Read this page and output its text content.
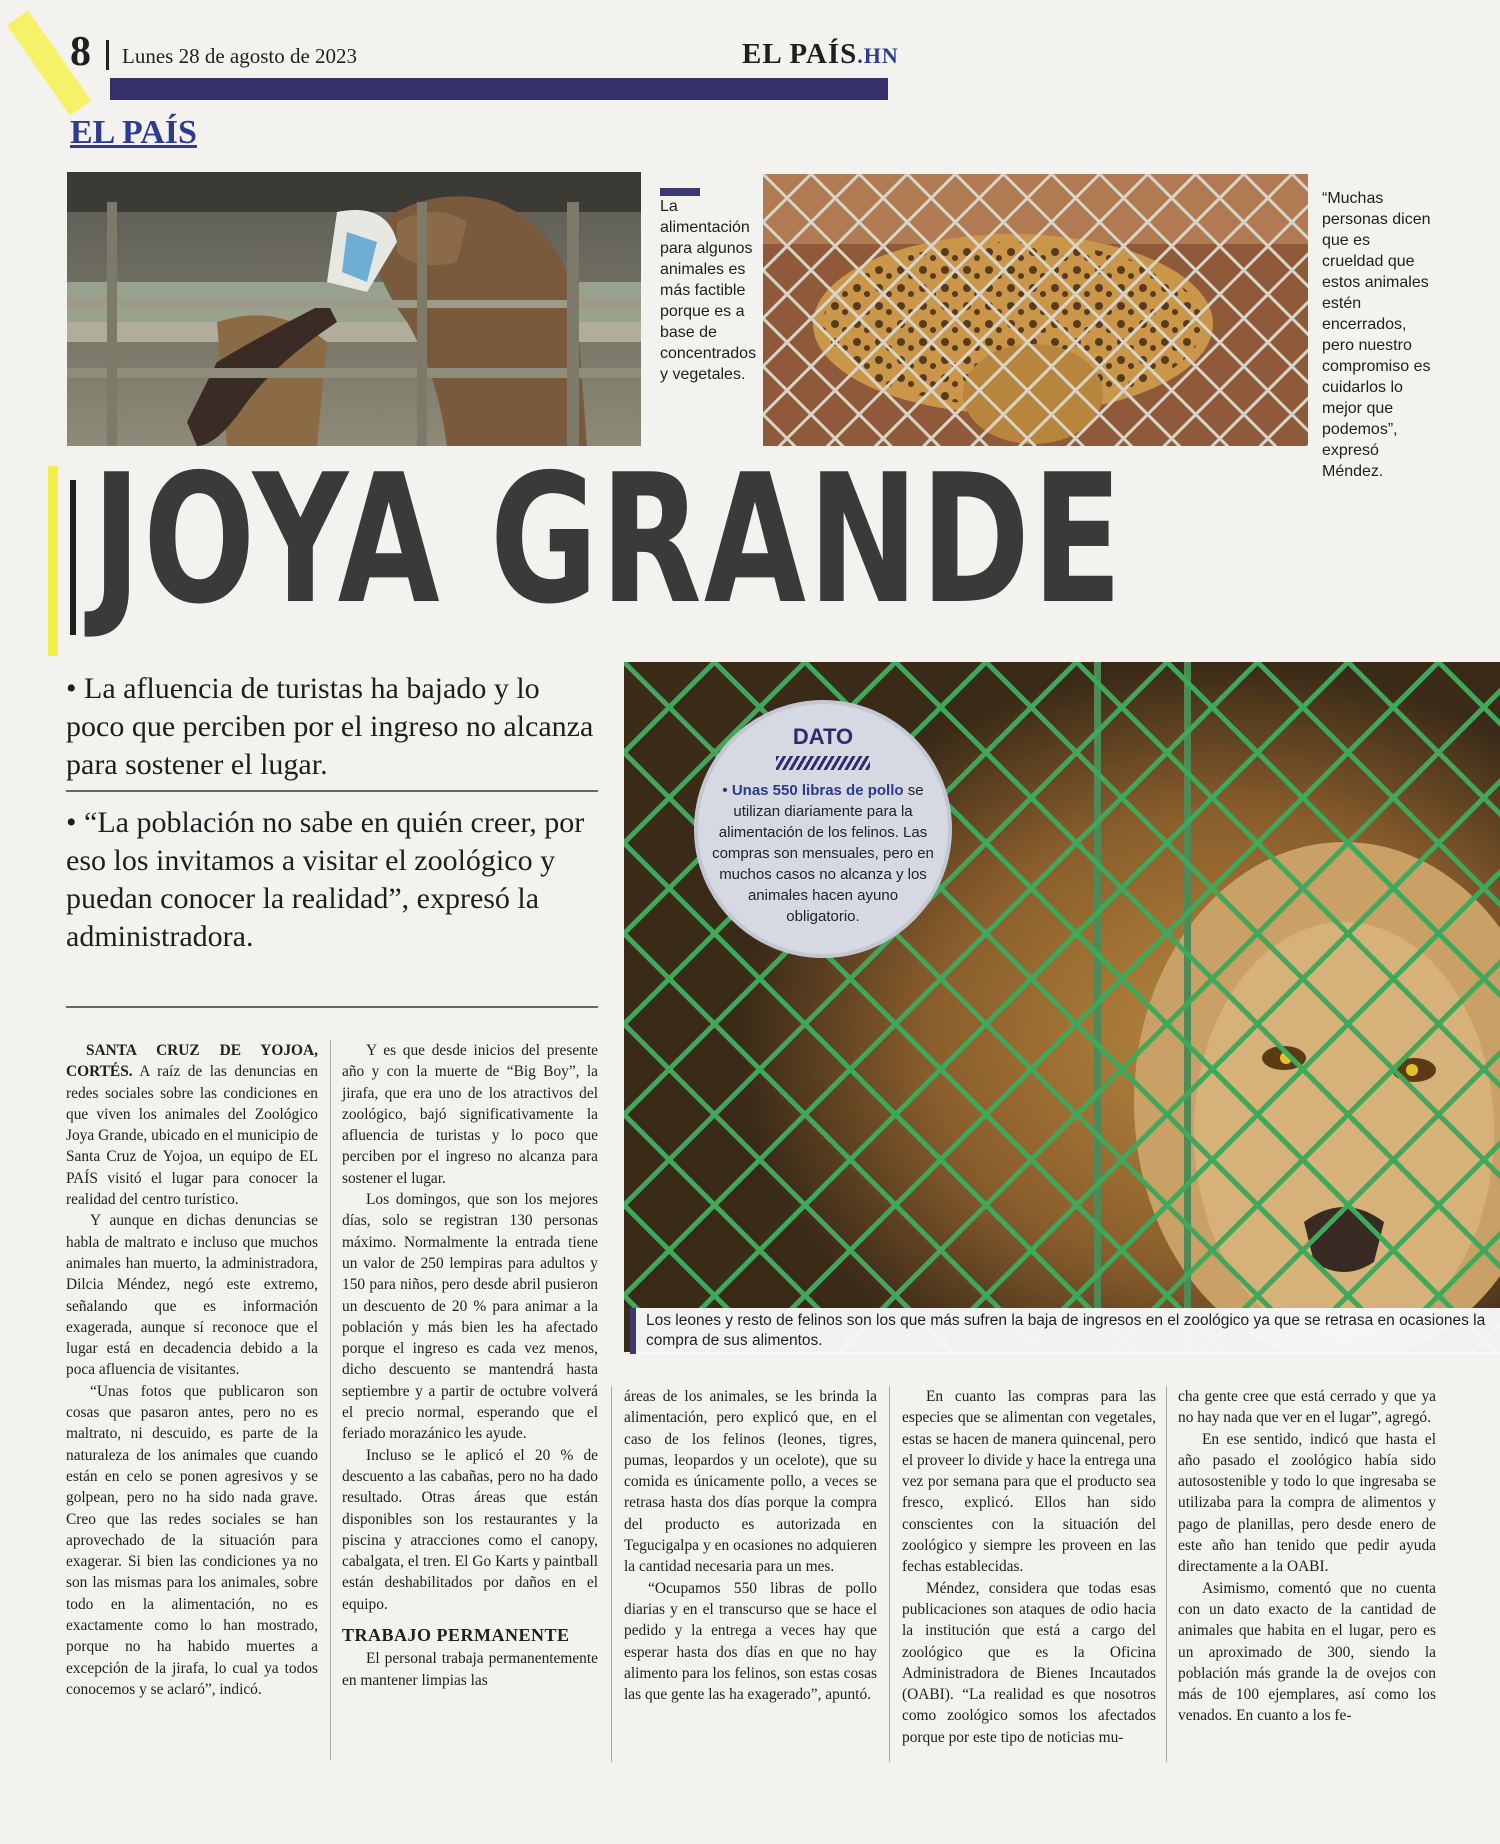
8 Lunes 28 de agosto de 2023	EL PAÍS.HN
EL PAÍS
La alimentación para algunos animales es más factible porque es a base de concentrados y vegetales.
“Muchas personas dicen que es crueldad que estos animales estén encerrados, pero nuestro compromiso es cuidarlos lo mejor que podemos”, expresó Méndez.
JOYA GRANDE
• La afluencia de turistas ha bajado y lo poco que perciben por el ingreso no alcanza para sostener el lugar.
• “La población no sabe en quién creer, por eso los invitamos a visitar el zoológico y puedan conocer la realidad”, expresó la administradora.
DATO
• Unas 550 libras de pollo se utilizan diariamente para la alimentación de los felinos. Las compras son mensuales, pero en muchos casos no alcanza y los animales hacen ayuno obligatorio.
Los leones y resto de felinos son los que más sufren la baja de ingresos en el zoológico ya que se retrasa en ocasiones la compra de sus alimentos.

SANTA CRUZ DE YOJOA, CORTÉS. A raíz de las denuncias en redes sociales sobre las condiciones en que viven los animales del Zoológico Joya Grande, ubicado en el municipio de Santa Cruz de Yojoa, un equipo de EL PAÍS visitó el lugar para conocer la realidad del centro turístico.

Y aunque en dichas denuncias se habla de maltrato e incluso que muchos animales han muerto, la administradora, Dilcia Méndez, negó este extremo, señalando que es información exagerada, aunque sí reconoce que el lugar está en decadencia debido a la poca afluencia de visitantes.

“Unas fotos que publicaron son cosas que pasaron antes, pero no es maltrato, ni descuido, es parte de la naturaleza de los animales que cuando están en celo se ponen agresivos y se golpean, pero no ha sido nada grave. Creo que las redes sociales se han aprovechado de la situación para exagerar. Si bien las condiciones ya no son las mismas para los animales, sobre todo en la alimentación, no es exactamente como lo han mostrado, porque no ha habido muertes a excepción de la jirafa, lo cual ya todos conocemos y se aclaró”, indicó.

Y es que desde inicios del presente año y con la muerte de “Big Boy”, la jirafa, que era uno de los atractivos del zoológico, bajó significativamente la afluencia de turistas y lo poco que perciben por el ingreso no alcanza para sostener el lugar.

Los domingos, que son los mejores días, solo se registran 130 personas máximo. Normalmente la entrada tiene un valor de 250 lempiras para adultos y 150 para niños, pero desde abril pusieron un descuento de 20 % para animar a la población y más bien les ha afectado porque el ingreso es cada vez menos, dicho descuento se mantendrá hasta septiembre y a partir de octubre volverá el precio normal, esperando que el feriado morazánico les ayude.

Incluso se le aplicó el 20 % de descuento a las cabañas, pero no ha dado resultado. Otras áreas que están disponibles son los restaurantes y la piscina y atracciones como el canopy, cabalgata, el tren. El Go Karts y paintball están deshabilitados por daños en el equipo.

TRABAJO PERMANENTE

El personal trabaja permanentemente en mantener limpias las

áreas de los animales, se les brinda la alimentación, pero explicó que, en el caso de los felinos (leones, tigres, pumas, leopardos y un ocelote), que su comida es únicamente pollo, a veces se retrasa hasta dos días porque la compra del producto es autorizada en Tegucigalpa y en ocasiones no adquieren la cantidad necesaria para un mes.

“Ocupamos 550 libras de pollo diarias y en el transcurso que se hace el pedido y la entrega a veces hay que esperar hasta dos días en que no hay alimento para los felinos, son estas cosas las que gente las ha exagerado”, apuntó.

En cuanto las compras para las especies que se alimentan con vegetales, estas se hacen de manera quincenal, pero el proveer lo divide y hace la entrega una vez por semana para que el producto sea fresco, explicó. Ellos han sido conscientes con la situación del zoológico y siempre les proveen en las fechas establecidas.

Méndez, considera que todas esas publicaciones son ataques de odio hacia la institución que está a cargo del zoológico que es la Oficina Administradora de Bienes Incautados (OABI). “La realidad es que nosotros como zoológico somos los afectados porque por este tipo de noticias mu-

cha gente cree que está cerrado y que ya no hay nada que ver en el lugar”, agregó.

En ese sentido, indicó que hasta el año pasado el zoológico había sido autosostenible y todo lo que ingresaba se utilizaba para la compra de alimentos y pago de planillas, pero desde enero de este año han tenido que pedir ayuda directamente a la OABI.

Asimismo, comentó que no cuenta con un dato exacto de la cantidad de animales que habita en el lugar, pero es un aproximado de 300, siendo la población más grande la de ovejos con más de 100 ejemplares, así como los venados. En cuanto a los fe-
